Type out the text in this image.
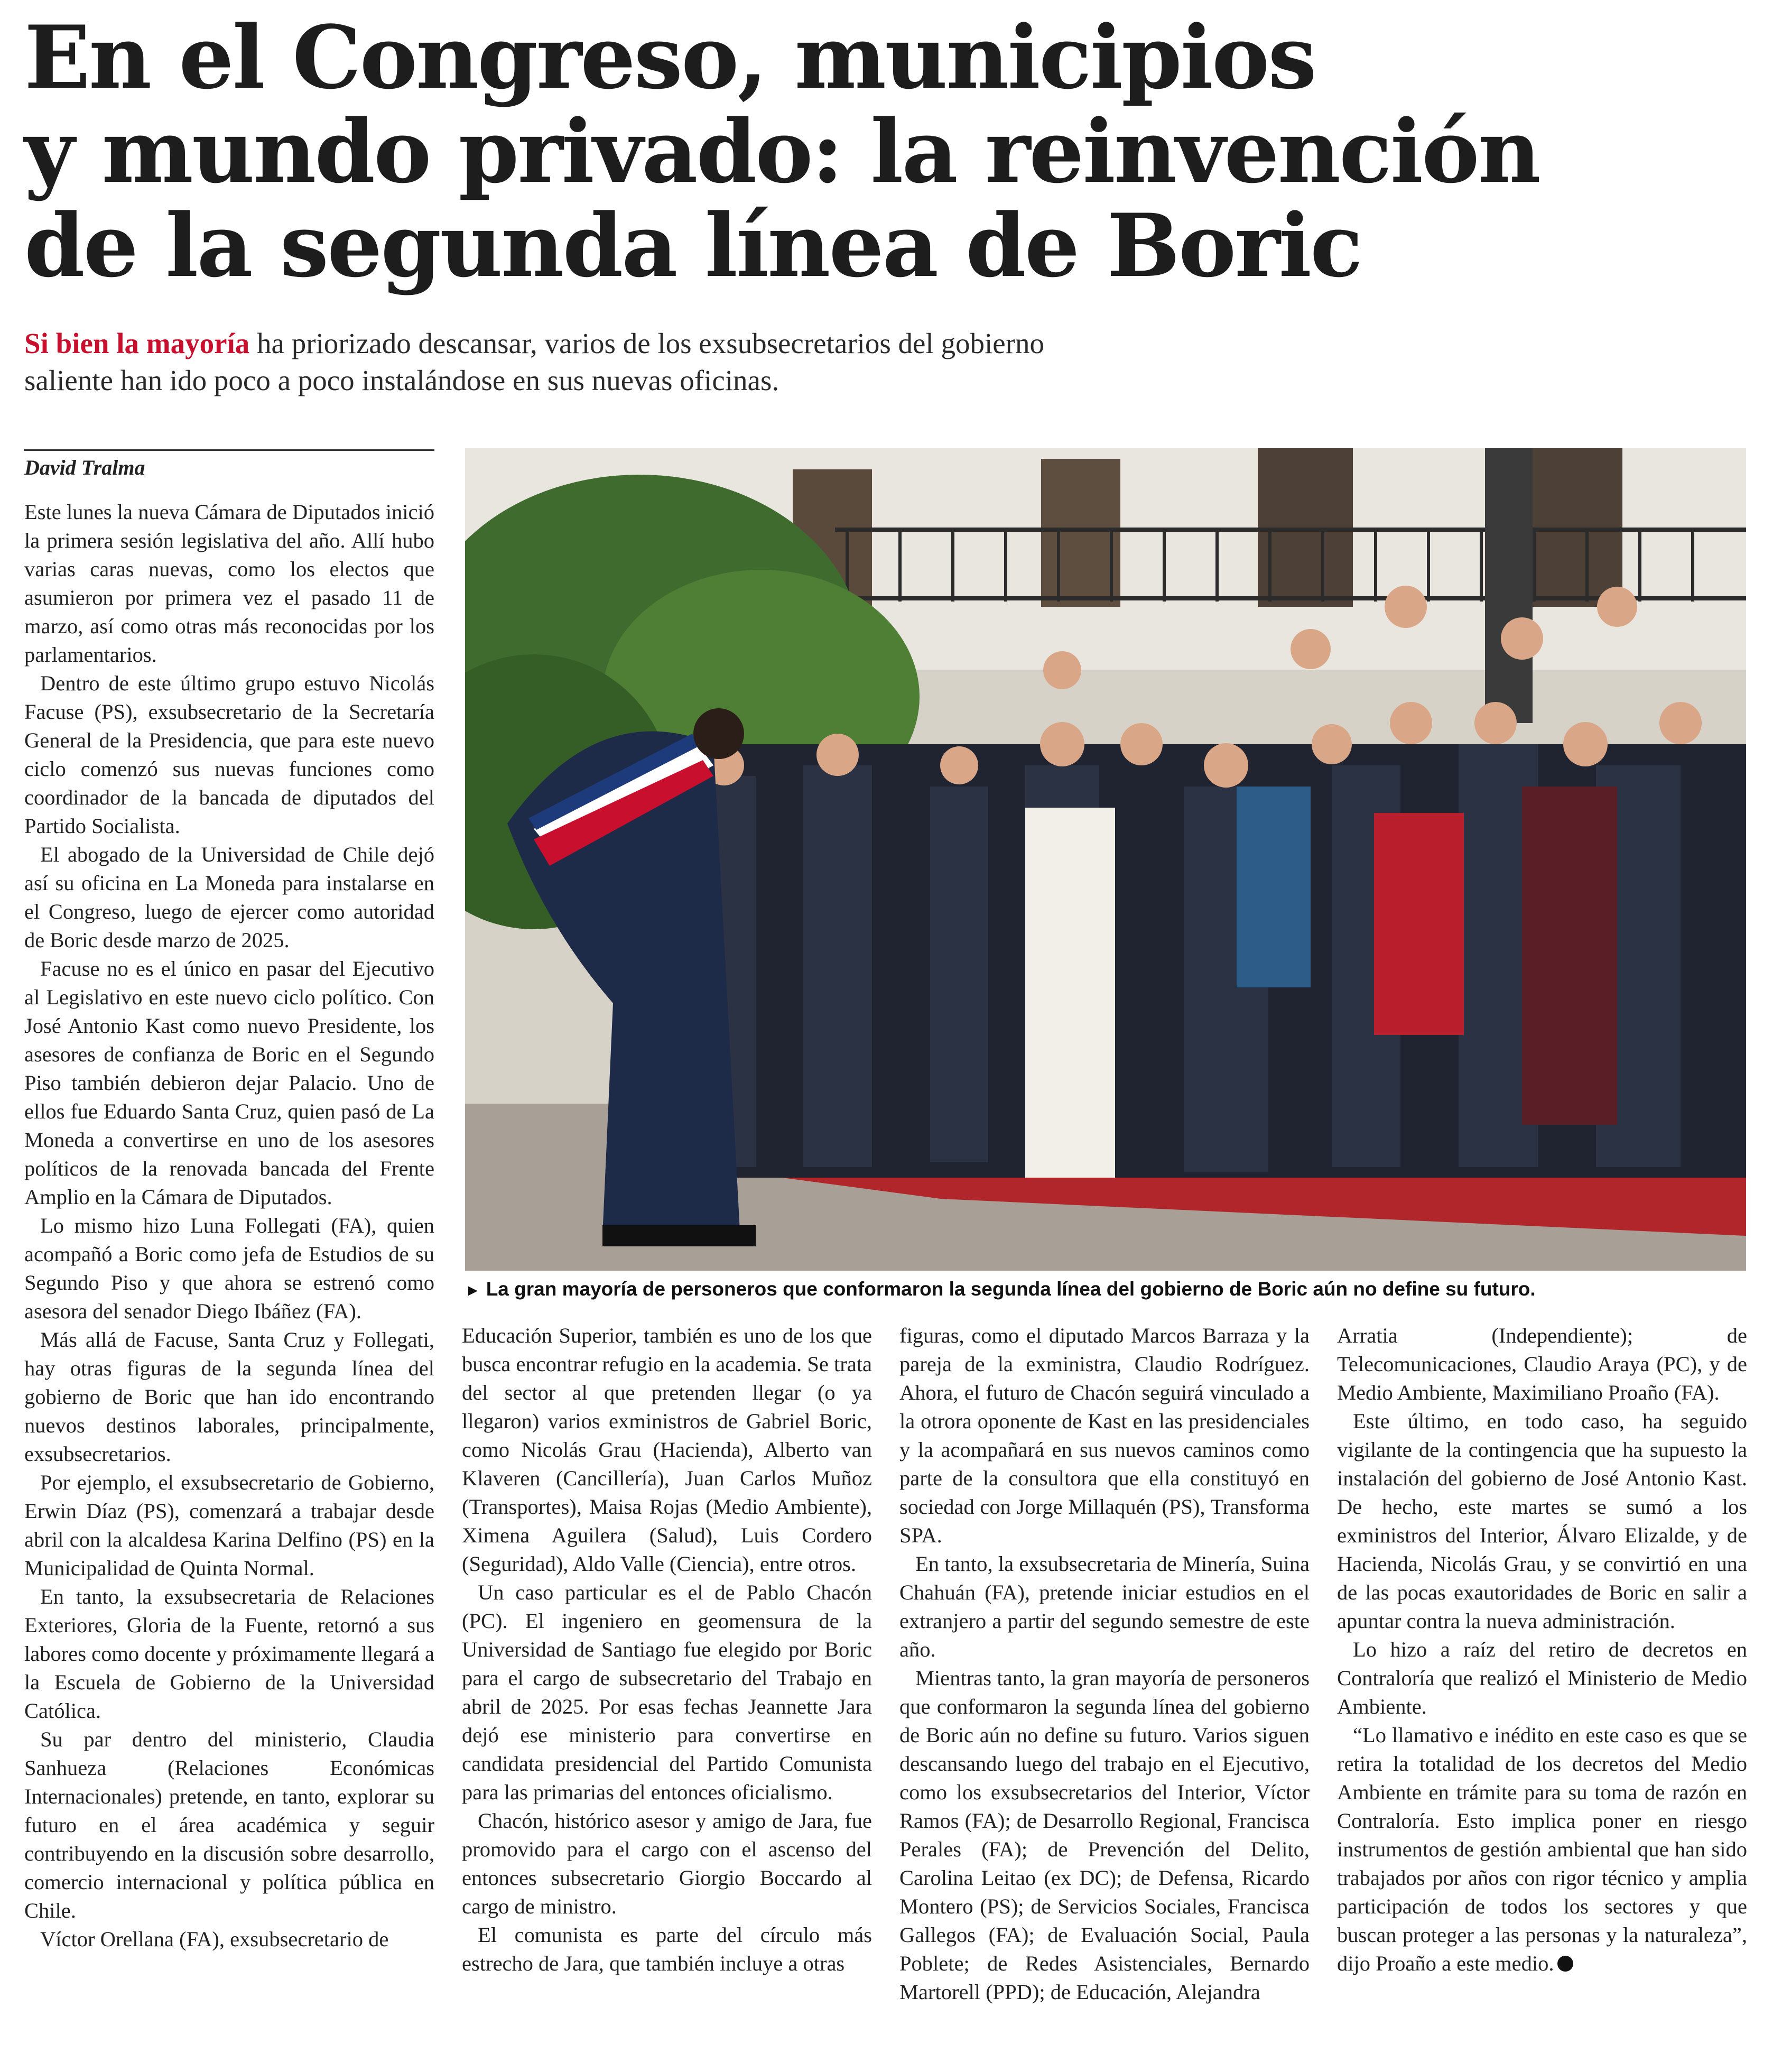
En el Congreso, municipios
y mundo privado: la reinvención
de la segunda línea de Boric
Si bien la mayoría ha priorizado descansar, varios de los exsubsecretarios del gobierno saliente han ido poco a poco instalándose en sus nuevas oficinas.
David Tralma

Este lunes la nueva Cámara de Diputados inició la primera sesión legislativa del año. Allí hubo varias caras nuevas, como los electos que asumieron por primera vez el pasado 11 de marzo, así como otras más reconocidas por los parlamentarios.

Dentro de este último grupo estuvo Nicolás Facuse (PS), exsubsecretario de la Secretaría General de la Presidencia, que para este nuevo ciclo comenzó sus nuevas funciones como coordinador de la bancada de diputados del Partido Socialista.

El abogado de la Universidad de Chile dejó así su oficina en La Moneda para instalarse en el Congreso, luego de ejercer como autoridad de Boric desde marzo de 2025.

Facuse no es el único en pasar del Ejecutivo al Legislativo en este nuevo ciclo político. Con José Antonio Kast como nuevo Presidente, los asesores de confianza de Boric en el Segundo Piso también debieron dejar Palacio. Uno de ellos fue Eduardo Santa Cruz, quien pasó de La Moneda a convertirse en uno de los asesores políticos de la renovada bancada del Frente Amplio en la Cámara de Diputados.

Lo mismo hizo Luna Follegati (FA), quien acompañó a Boric como jefa de Estudios de su Segundo Piso y que ahora se estrenó como asesora del senador Diego Ibáñez (FA).

Más allá de Facuse, Santa Cruz y Follegati, hay otras figuras de la segunda línea del gobierno de Boric que han ido encontrando nuevos destinos laborales, principalmente, exsubsecretarios.

Por ejemplo, el exsubsecretario de Gobierno, Erwin Díaz (PS), comenzará a trabajar desde abril con la alcaldesa Karina Delfino (PS) en la Municipalidad de Quinta Normal.

En tanto, la exsubsecretaria de Relaciones Exteriores, Gloria de la Fuente, retornó a sus labores como docente y próximamente llegará a la Escuela de Gobierno de la Universidad Católica.

Su par dentro del ministerio, Claudia Sanhueza (Relaciones Económicas Internacionales) pretende, en tanto, explorar su futuro en el área académica y seguir contribuyendo en la discusión sobre desarrollo, comercio internacional y política pública en Chile.

Víctor Orellana (FA), exsubsecretario de

► La gran mayoría de personeros que conformaron la segunda línea del gobierno de Boric aún no define su futuro.

Educación Superior, también es uno de los que busca encontrar refugio en la academia. Se trata del sector al que pretenden llegar (o ya llegaron) varios exministros de Gabriel Boric, como Nicolás Grau (Hacienda), Alberto van Klaveren (Cancillería), Juan Carlos Muñoz (Transportes), Maisa Rojas (Medio Ambiente), Ximena Aguilera (Salud), Luis Cordero (Seguridad), Aldo Valle (Ciencia), entre otros.

Un caso particular es el de Pablo Chacón (PC). El ingeniero en geomensura de la Universidad de Santiago fue elegido por Boric para el cargo de subsecretario del Trabajo en abril de 2025. Por esas fechas Jeannette Jara dejó ese ministerio para convertirse en candidata presidencial del Partido Comunista para las primarias del entonces oficialismo.

Chacón, histórico asesor y amigo de Jara, fue promovido para el cargo con el ascenso del entonces subsecretario Giorgio Boccardo al cargo de ministro.

El comunista es parte del círculo más estrecho de Jara, que también incluye a otras

figuras, como el diputado Marcos Barraza y la pareja de la exministra, Claudio Rodríguez. Ahora, el futuro de Chacón seguirá vinculado a la otrora oponente de Kast en las presidenciales y la acompañará en sus nuevos caminos como parte de la consultora que ella constituyó en sociedad con Jorge Millaquén (PS), Transforma SPA.

En tanto, la exsubsecretaria de Minería, Suina Chahuán (FA), pretende iniciar estudios en el extranjero a partir del segundo semestre de este año.

Mientras tanto, la gran mayoría de personeros que conformaron la segunda línea del gobierno de Boric aún no define su futuro. Varios siguen descansando luego del trabajo en el Ejecutivo, como los exsubsecretarios del Interior, Víctor Ramos (FA); de Desarrollo Regional, Francisca Perales (FA); de Prevención del Delito, Carolina Leitao (ex DC); de Defensa, Ricardo Montero (PS); de Servicios Sociales, Francisca Gallegos (FA); de Evaluación Social, Paula Poblete; de Redes Asistenciales, Bernardo Martorell (PPD); de Educación, Alejandra

Arratia (Independiente); de Telecomunicaciones, Claudio Araya (PC), y de Medio Ambiente, Maximiliano Proaño (FA).

Este último, en todo caso, ha seguido vigilante de la contingencia que ha supuesto la instalación del gobierno de José Antonio Kast. De hecho, este martes se sumó a los exministros del Interior, Álvaro Elizalde, y de Hacienda, Nicolás Grau, y se convirtió en una de las pocas exautoridades de Boric en salir a apuntar contra la nueva administración.

Lo hizo a raíz del retiro de decretos en Contraloría que realizó el Ministerio de Medio Ambiente.

“Lo llamativo e inédito en este caso es que se retira la totalidad de los decretos del Medio Ambiente en trámite para su toma de razón en Contraloría. Esto implica poner en riesgo instrumentos de gestión ambiental que han sido trabajados por años con rigor técnico y amplia participación de todos los sectores y que buscan proteger a las personas y la naturaleza”, dijo Proaño a este medio.
